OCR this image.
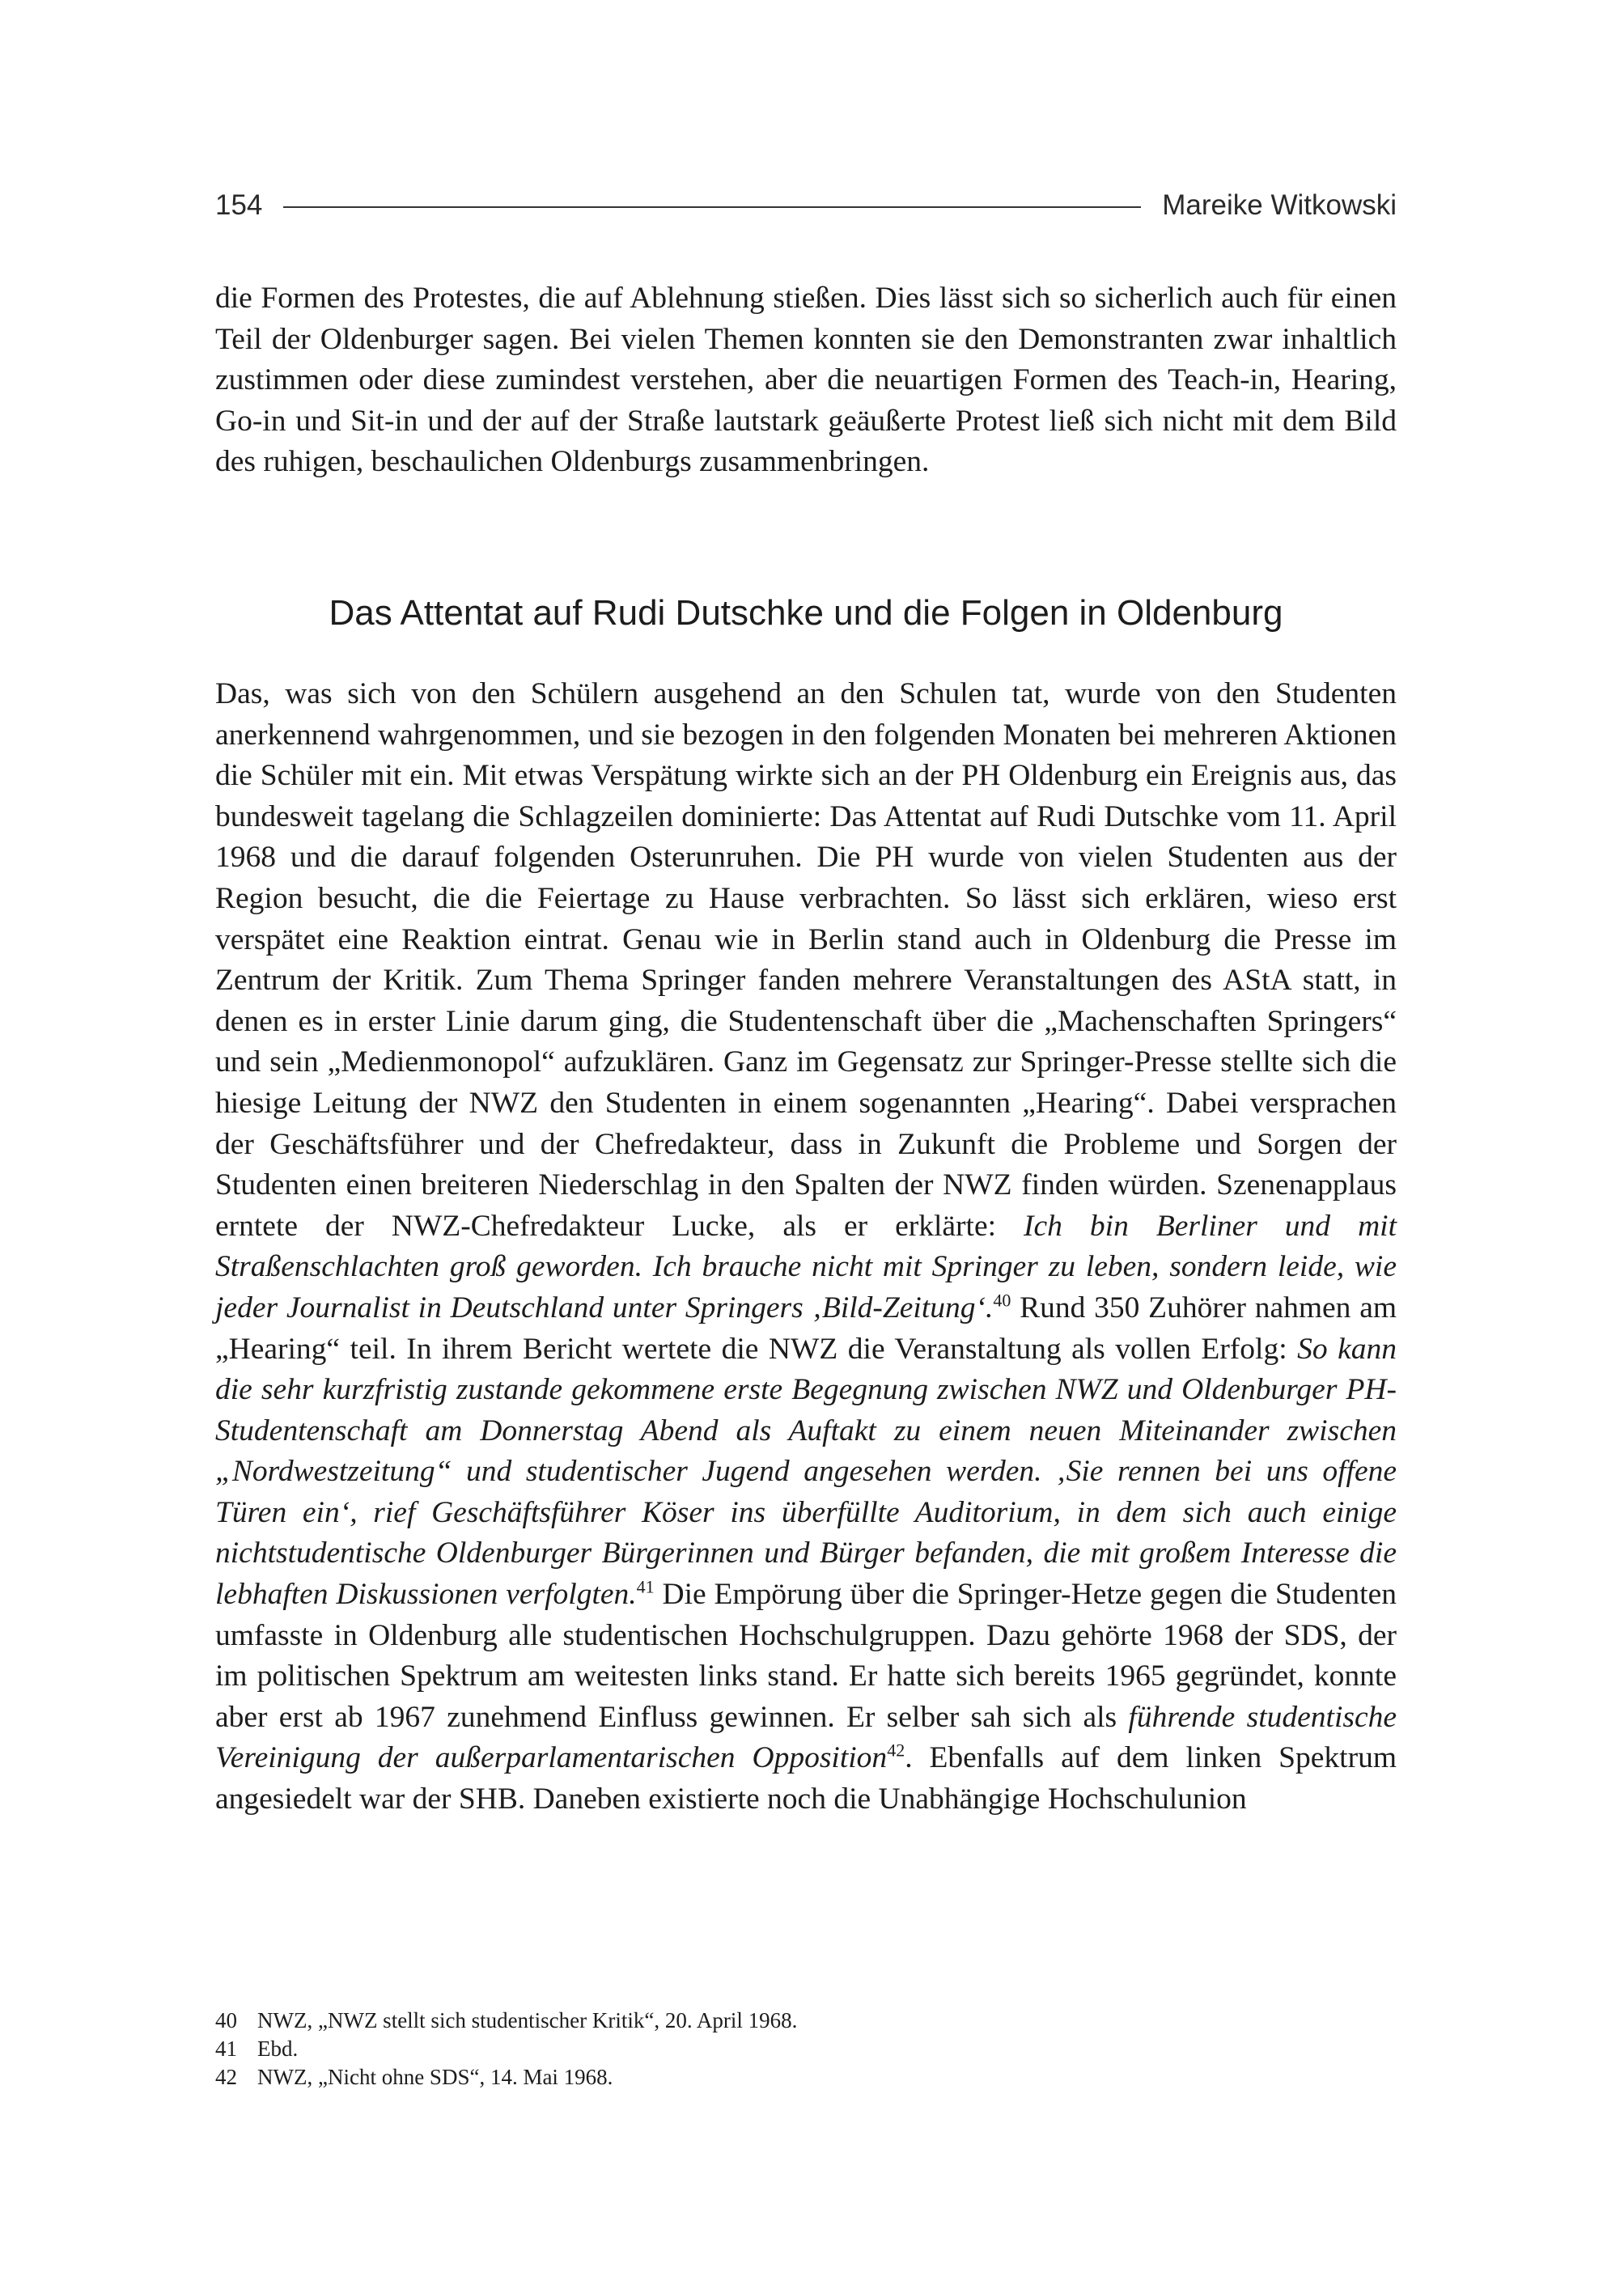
154	Mareike Witkowski
die Formen des Protestes, die auf Ablehnung stießen. Dies lässt sich so sicherlich auch für einen Teil der Oldenburger sagen. Bei vielen Themen konnten sie den Demonstranten zwar inhaltlich zustimmen oder diese zumindest verstehen, aber die neuartigen Formen des Teach-in, Hearing, Go-in und Sit-in und der auf der Straße lautstark geäußerte Protest ließ sich nicht mit dem Bild des ruhigen, beschaulichen Oldenburgs zusammenbringen.
Das Attentat auf Rudi Dutschke und die Folgen in Oldenburg
Das, was sich von den Schülern ausgehend an den Schulen tat, wurde von den Studenten anerkennend wahrgenommen, und sie bezogen in den folgenden Monaten bei mehreren Aktionen die Schüler mit ein. Mit etwas Verspätung wirkte sich an der PH Oldenburg ein Ereignis aus, das bundesweit tagelang die Schlagzeilen dominierte: Das Attentat auf Rudi Dutschke vom 11. April 1968 und die darauf folgenden Osterunruhen. Die PH wurde von vielen Studenten aus der Region besucht, die die Feiertage zu Hause verbrachten. So lässt sich erklären, wieso erst verspätet eine Reaktion eintrat. Genau wie in Berlin stand auch in Oldenburg die Presse im Zentrum der Kritik. Zum Thema Springer fanden mehrere Veranstaltungen des AStA statt, in denen es in erster Linie darum ging, die Studentenschaft über die „Machenschaften Springers“ und sein „Medienmonopol“ aufzuklären. Ganz im Gegensatz zur Springer-Presse stellte sich die hiesige Leitung der NWZ den Studenten in einem sogenannten „Hearing“. Dabei versprachen der Geschäftsführer und der Chefredakteur, dass in Zukunft die Probleme und Sorgen der Studenten einen breiteren Niederschlag in den Spalten der NWZ finden würden. Szenenapplaus erntete der NWZ-Chefredakteur Lucke, als er erklärte: Ich bin Berliner und mit Straßenschlachten groß geworden. Ich brauche nicht mit Springer zu leben, sondern leide, wie jeder Journalist in Deutschland unter Springers ‚Bild-Zeitung‘.$^{40}$ Rund 350 Zuhörer nahmen am „Hearing“ teil. In ihrem Bericht wertete die NWZ die Veranstaltung als vollen Erfolg: So kann die sehr kurzfristig zustande gekommene erste Begegnung zwischen NWZ und Oldenburger PH-Studentenschaft am Donnerstag Abend als Auftakt zu einem neuen Miteinander zwischen „Nordwestzeitung“ und studentischer Jugend angesehen werden. ‚Sie rennen bei uns offene Türen ein‘, rief Geschäftsführer Köser ins überfüllte Auditorium, in dem sich auch einige nichtstudentische Oldenburger Bürgerinnen und Bürger befanden, die mit großem Interesse die lebhaften Diskussionen verfolgten.$^{41}$ Die Empörung über die Springer-Hetze gegen die Studenten umfasste in Oldenburg alle studentischen Hochschulgruppen. Dazu gehörte 1968 der SDS, der im politischen Spektrum am weitesten links stand. Er hatte sich bereits 1965 gegründet, konnte aber erst ab 1967 zunehmend Einfluss gewinnen. Er selber sah sich als führende studentische Vereinigung der außerparlamentarischen Opposition$^{42}$. Ebenfalls auf dem linken Spektrum angesiedelt war der SHB. Daneben existierte noch die Unabhängige Hochschulunion
40 NWZ, „NWZ stellt sich studentischer Kritik“, 20. April 1968.
41 Ebd.
42 NWZ, „Nicht ohne SDS“, 14. Mai 1968.
